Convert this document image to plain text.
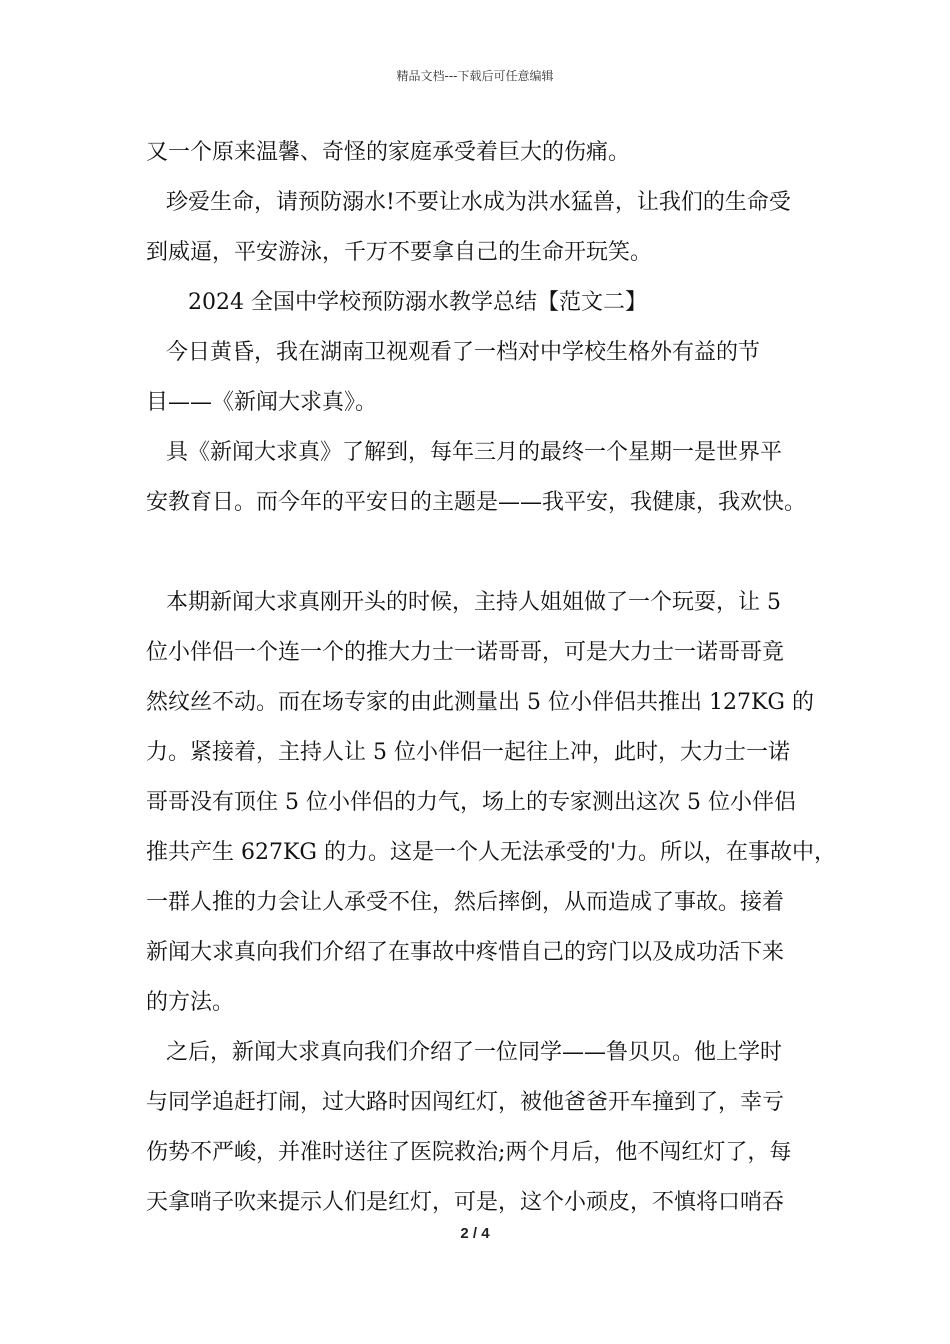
精品文档---下载后可任意编辑
又一个原来温馨、奇怪的家庭承受着巨大的伤痛。
珍爱生命，请预防溺水!不要让水成为洪水猛兽，让我们的生命受
到威逼，平安游泳，千万不要拿自己的生命开玩笑。
2024 全国中学校预防溺水教学总结【范文二】
今日黄昏，我在湖南卫视观看了一档对中学校生格外有益的节
目——《新闻大求真》。
具《新闻大求真》了解到，每年三月的最终一个星期一是世界平
安教育日。而今年的平安日的主题是——我平安，我健康，我欢快。
本期新闻大求真刚开头的时候，主持人姐姐做了一个玩耍，让 5
位小伴侣一个连一个的推大力士一诺哥哥，可是大力士一诺哥哥竟
然纹丝不动。而在场专家的由此测量出 5 位小伴侣共推出 127KG 的
力。紧接着，主持人让 5 位小伴侣一起往上冲，此时，大力士一诺
哥哥没有顶住 5 位小伴侣的力气，场上的专家测出这次 5 位小伴侣
推共产生 627KG 的力。这是一个人无法承受的'力。所以，在事故中，
一群人推的力会让人承受不住，然后摔倒，从而造成了事故。接着
新闻大求真向我们介绍了在事故中疼惜自己的窍门以及成功活下来
的方法。
之后，新闻大求真向我们介绍了一位同学——鲁贝贝。他上学时
与同学追赶打闹，过大路时因闯红灯，被他爸爸开车撞到了，幸亏
伤势不严峻，并准时送往了医院救治;两个月后，他不闯红灯了，每
天拿哨子吹来提示人们是红灯，可是，这个小顽皮，不慎将口哨吞
2 / 4
